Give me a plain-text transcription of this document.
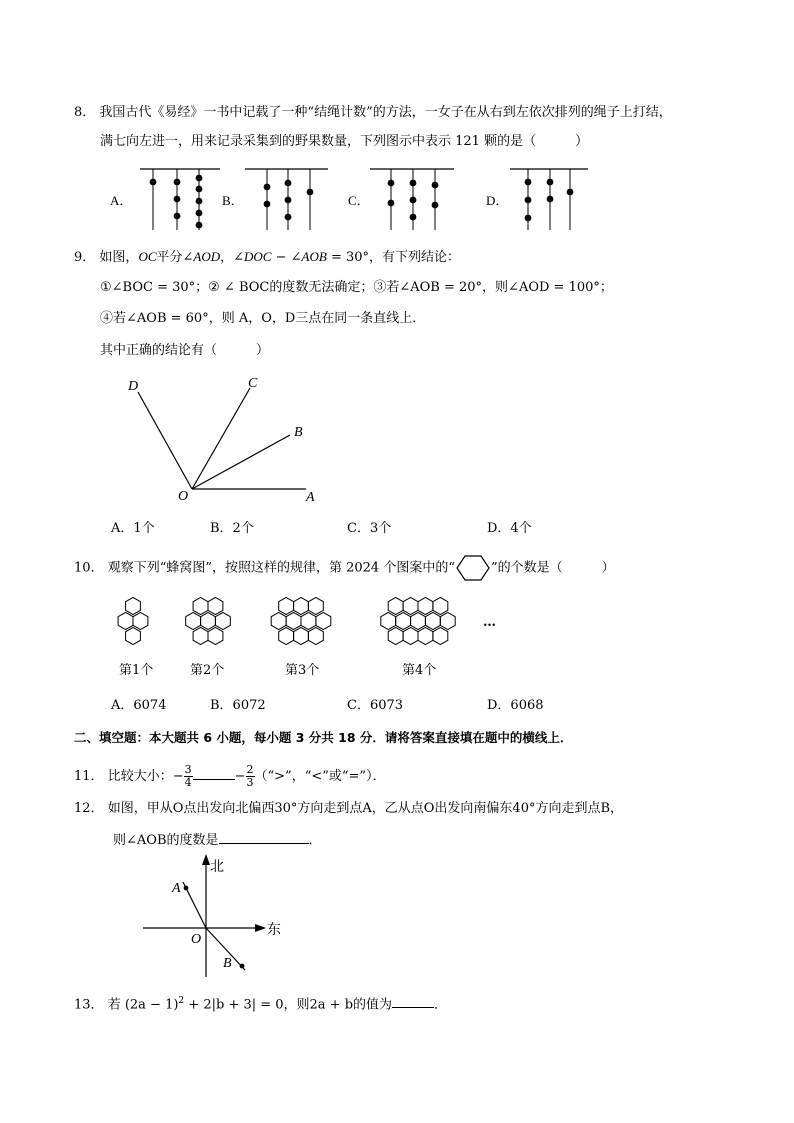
8． 我国古代《易经》一书中记载了一种“结绳计数”的方法，一女子在从右到左依次排列的绳子上打结，
满七向左进一，用来记录采集到的野果数量，下列图示中表示 121 颗的是（　　　）
A．	B．	C．	D．
9． 如图，OC平分∠AOD，∠DOC − ∠AOB = 30°，有下列结论：
①∠BOC = 30°；② ∠ BOC的度数无法确定；③若∠AOB = 20°，则∠AOD = 100°；
④若∠AOB = 60°，则 A，O，D三点在同一条直线上．
其中正确的结论有（　　　）
D	C
B
O	A
A．1个	B．2个	C．3个	D．4个
10． 观察下列“蜂窝图”，按照这样的规律，第 2024 个图案中的“	”的个数是（　　　）
第1个	第2个	第3个	第4个
…
A．6074	B．6072	C．6073	D．6068
二、填空题：本大题共 6 小题，每小题 3 分共 18 分．请将答案直接填在题中的横线上．
11． 比较大小：− $\frac{3}{4}$	− $\frac{2}{3}$ （“>”，“<”或“=”）．
12． 如图，甲从O点出发向北偏西30°方向走到点A，乙从点O出发向南偏东40°方向走到点B，
则∠AOB的度数是	．
北
东
A
O
B
13． 若 $(2a - 1)^2 + 2|b + 3| = 0$，则2a + b的值为	．
